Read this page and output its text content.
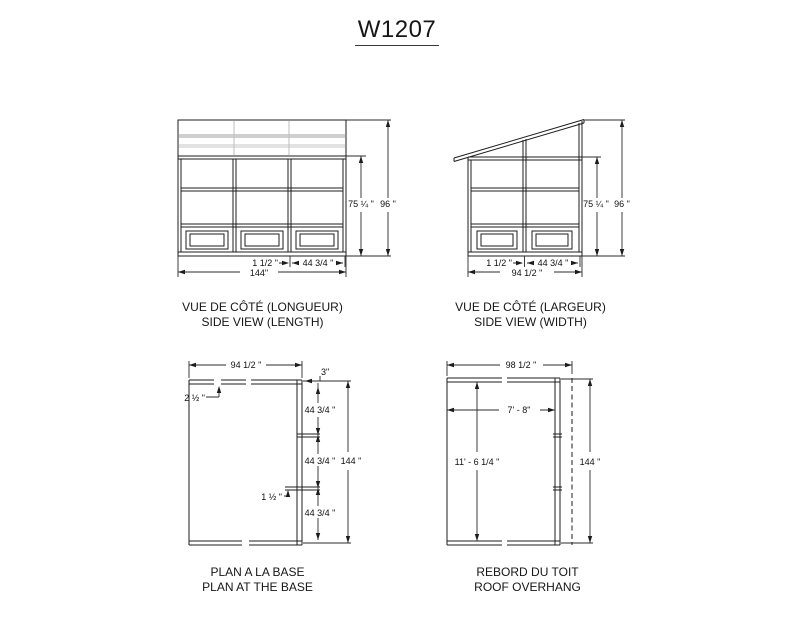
W1207
75 ¼ " 96 "
1 1/2 "	44 3/4 "
144"
75 ¼ " 96 "
1 1/2 "	44 3/4 "
94 1/2 "
94 1/2 "
3"
2 ½ "
44 3/4 "
44 3/4 "
44 3/4 "
1 ½ "
144 "
98 1/2 "
7' - 8"
11' - 6 1/4 "	144 "
VUE DE CÔTÉ (LONGUEUR)
SIDE VIEW (LENGTH)
VUE DE CÔTÉ (LARGEUR)
SIDE VIEW (WIDTH)
PLAN A LA BASE
PLAN AT THE BASE
REBORD DU TOIT
ROOF OVERHANG
